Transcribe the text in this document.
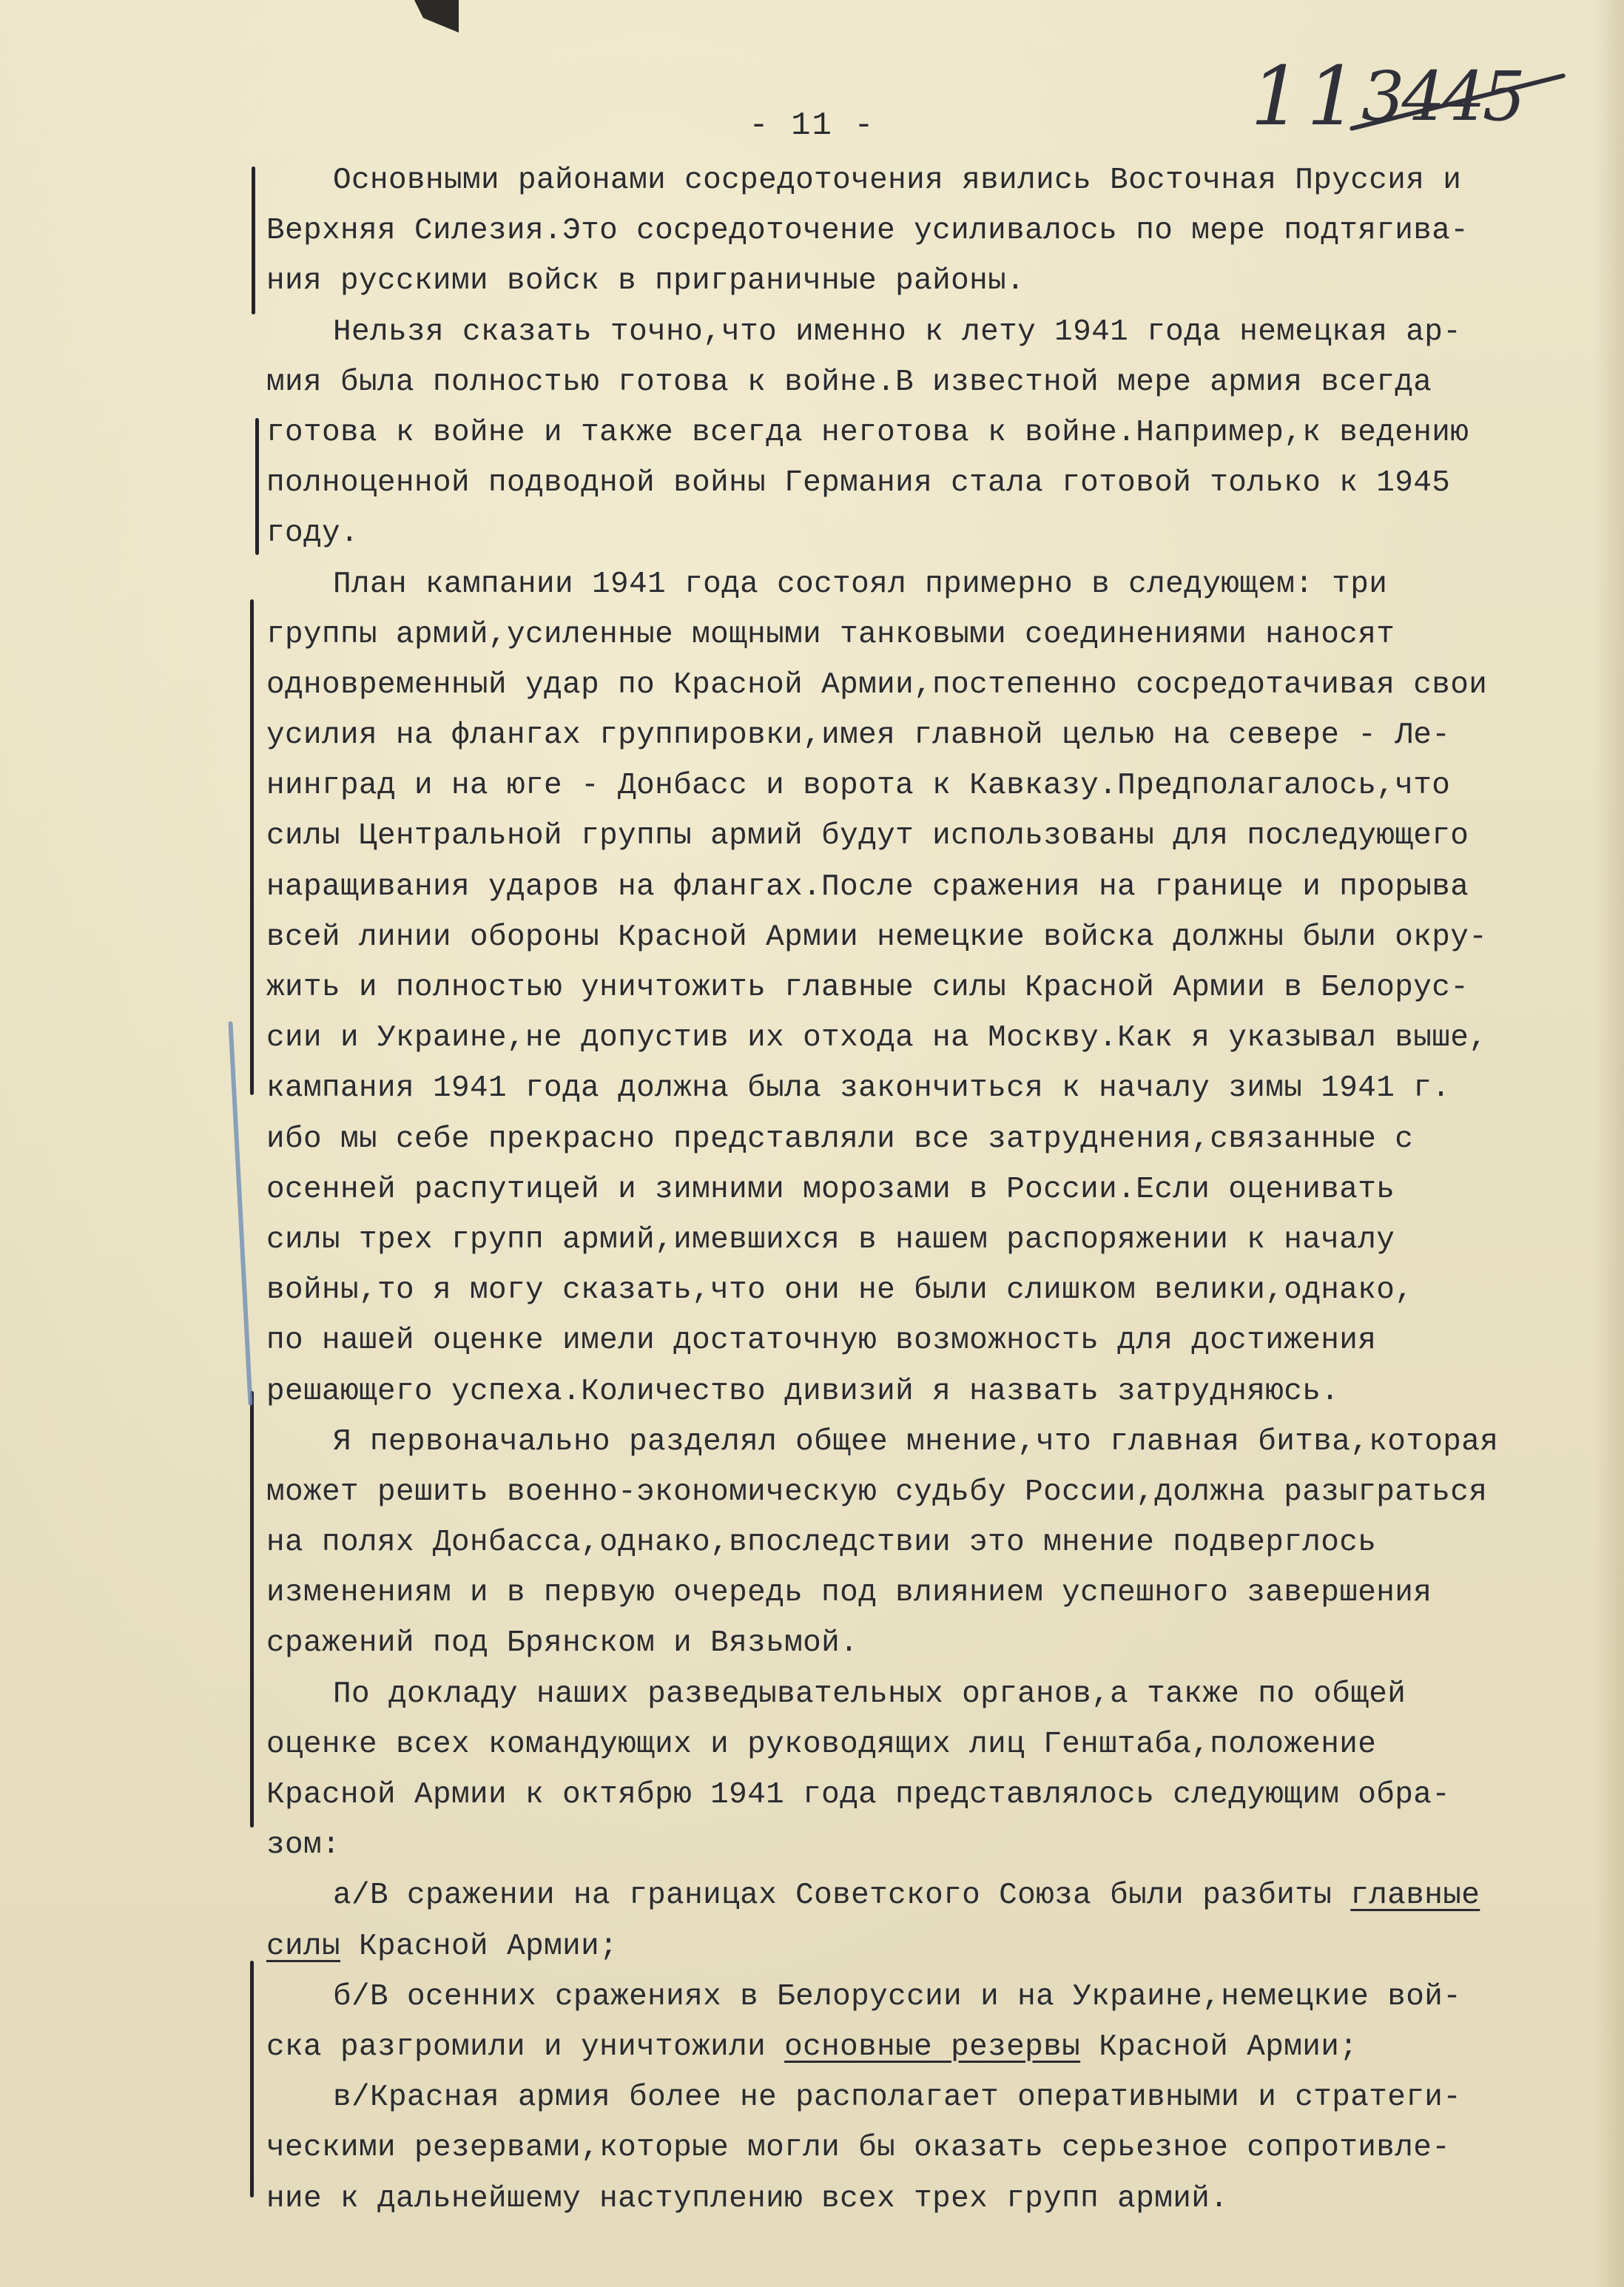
- 11 -	11
3445
Основными районами сосредоточения явились Восточная Пруссия и
Верхняя Силезия.Это сосредоточение усиливалось по мере подтягива-
ния русскими войск в приграничные районы.
Нельзя сказать точно,что именно к лету 1941 года немецкая ар-
мия была полностью готова к войне.В известной мере армия всегда
готова к войне и также всегда неготова к войне.Например,к ведению
полноценной подводной войны Германия стала готовой только к 1945
году.
План кампании 1941 года состоял примерно в следующем: три
группы армий,усиленные мощными танковыми соединениями наносят
одновременный удар по Красной Армии,постепенно сосредотачивая свои
усилия на флангах группировки,имея главной целью на севере - Ле-
нинград и на юге - Донбасс и ворота к Кавказу.Предполагалось,что
силы Центральной группы армий будут использованы для последующего
наращивания ударов на флангах.После сражения на границе и прорыва
всей линии обороны Красной Армии немецкие войска должны были окру-
жить и полностью уничтожить главные силы Красной Армии в Белорус-
сии и Украине,не допустив их отхода на Москву.Как я указывал выше,
кампания 1941 года должна была закончиться к началу зимы 1941 г.
ибо мы себе прекрасно представляли все затруднения,связанные с
осенней распутицей и зимними морозами в России.Если оценивать
силы трех групп армий,имевшихся в нашем распоряжении к началу
войны,то я могу сказать,что они не были слишком велики,однако,
по нашей оценке имели достаточную возможность для достижения
решающего успеха.Количество дивизий я назвать затрудняюсь.
Я первоначально разделял общее мнение,что главная битва,которая
может решить военно-экономическую судьбу России,должна разыграться
на полях Донбасса,однако,впоследствии это мнение подверглось
изменениям и в первую очередь под влиянием успешного завершения
сражений под Брянском и Вязьмой.
По докладу наших разведывательных органов,а также по общей
оценке всех командующих и руководящих лиц Генштаба,положение
Красной Армии к октябрю 1941 года представлялось следующим обра-
зом:
а/В сражении на границах Советского Союза были разбиты главные
силы Красной Армии;
б/В осенних сражениях в Белоруссии и на Украине,немецкие вой-
ска разгромили и уничтожили основные резервы Красной Армии;
в/Красная армия более не располагает оперативными и стратеги-
ческими резервами,которые могли бы оказать серьезное сопротивле-
ние к дальнейшему наступлению всех трех групп армий.
